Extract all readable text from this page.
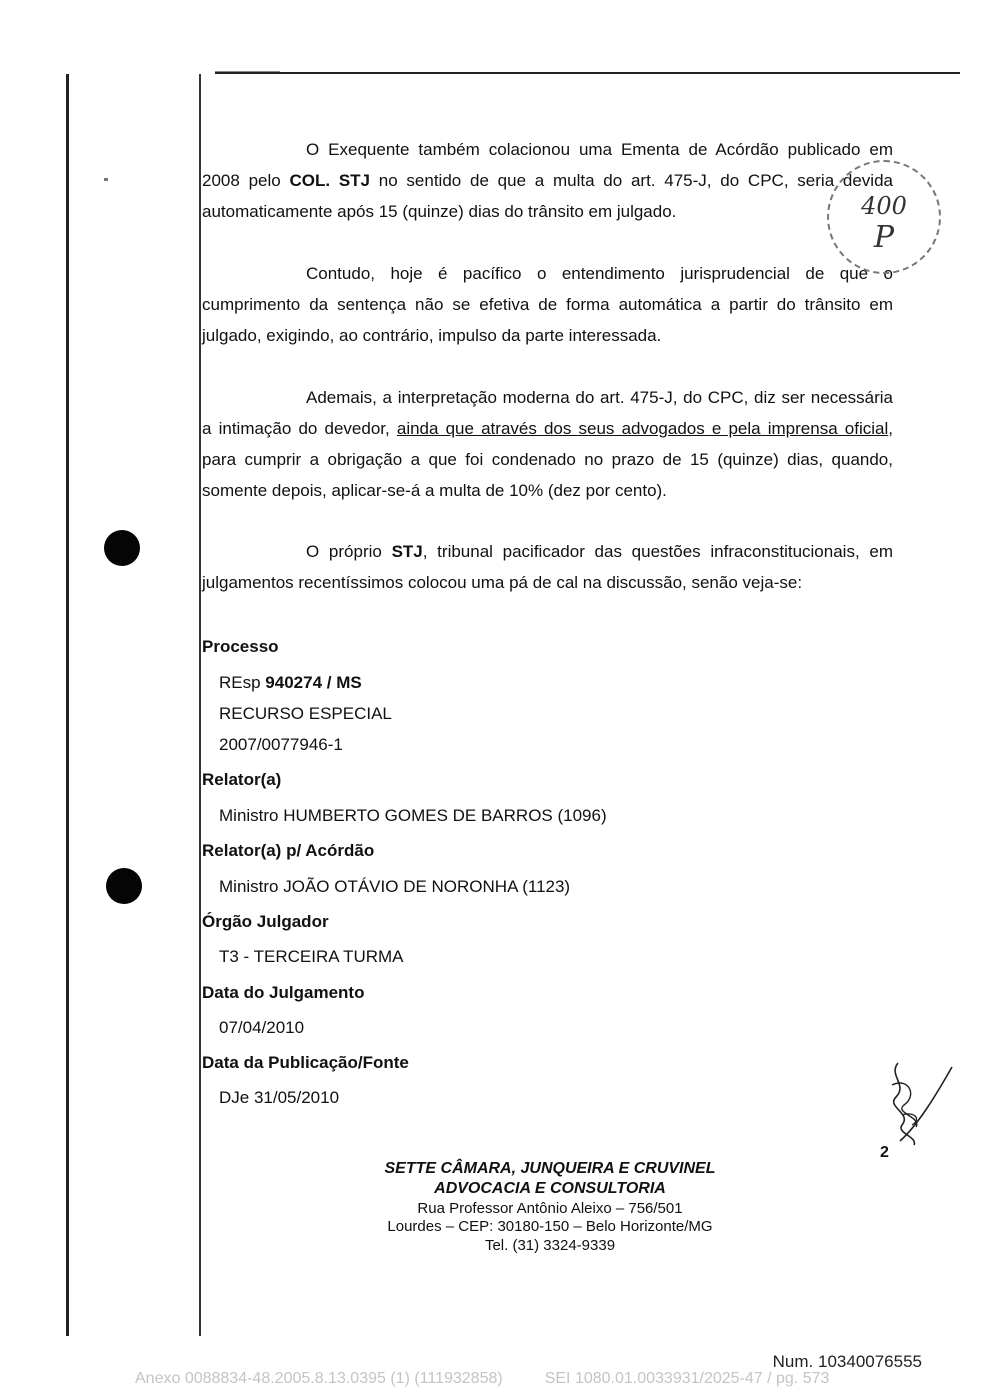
O Exequente também colacionou uma Ementa de Acórdão publicado em 2008 pelo COL. STJ no sentido de que a multa do art. 475-J, do CPC, seria devida automaticamente após 15 (quinze) dias do trânsito em julgado.

Contudo, hoje é pacífico o entendimento jurisprudencial de que o cumprimento da sentença não se efetiva de forma automática a partir do trânsito em julgado, exigindo, ao contrário, impulso da parte interessada.

Ademais, a interpretação moderna do art. 475-J, do CPC, diz ser necessária a intimação do devedor, ainda que através dos seus advogados e pela imprensa oficial, para cumprir a obrigação a que foi condenado no prazo de 15 (quinze) dias, quando, somente depois, aplicar-se-á a multa de 10% (dez por cento).

O próprio STJ, tribunal pacificador das questões infraconstitucionais, em julgamentos recentíssimos colocou uma pá de cal na discussão, senão veja-se:

Processo
REsp 940274 / MS
RECURSO ESPECIAL
2007/0077946-1
Relator(a)
Ministro HUMBERTO GOMES DE BARROS (1096)
Relator(a) p/ Acórdão
Ministro JOÃO OTÁVIO DE NORONHA (1123)
Órgão Julgador
T3 - TERCEIRA TURMA
Data do Julgamento
07/04/2010
Data da Publicação/Fonte
DJe 31/05/2010
400
P
2
SETTE CÂMARA, JUNQUEIRA E CRUVINEL
ADVOCACIA E CONSULTORIA
Rua Professor Antônio Aleixo – 756/501
Lourdes – CEP: 30180-150 – Belo Horizonte/MG
Tel. (31) 3324-9339
Num. 10340076555
Anexo 0088834-48.2005.8.13.0395 (1) (111932858)	SEI 1080.01.0033931/2025-47 / pg. 573
